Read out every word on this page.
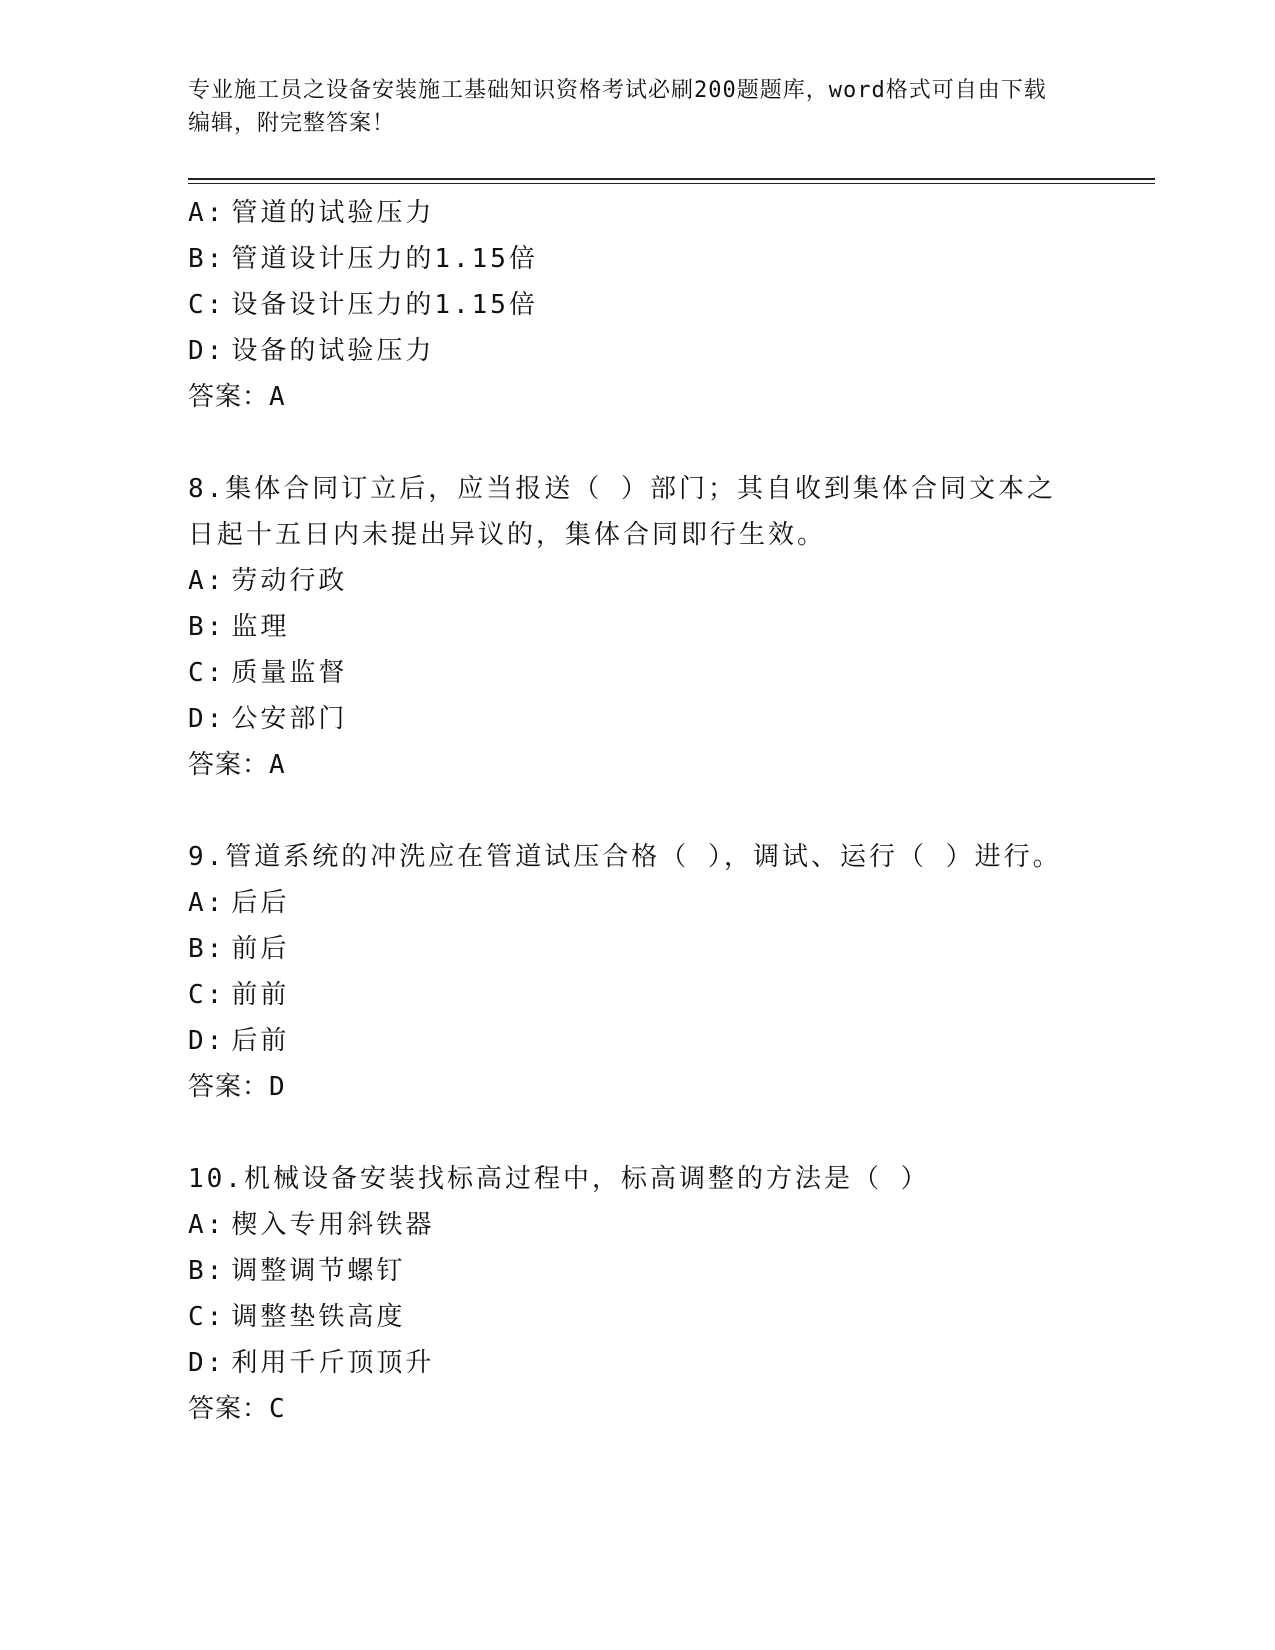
专业施工员之设备安装施工基础知识资格考试必刷200题题库，word格式可自由下载编辑，附完整答案！
A: 管道的试验压力
B: 管道设计压力的1.15倍
C: 设备设计压力的1.15倍
D: 设备的试验压力
答案：A
8.集体合同订立后，应当报送（ ）部门；其自收到集体合同文本之日起十五日内未提出异议的，集体合同即行生效。
A: 劳动行政
B: 监理
C: 质量监督
D: 公安部门
答案：A
9.管道系统的冲洗应在管道试压合格（ ），调试、运行（ ）进行。
A: 后后
B: 前后
C: 前前
D: 后前
答案：D
10.机械设备安装找标高过程中，标高调整的方法是（ ）
A: 楔入专用斜铁器
B: 调整调节螺钉
C: 调整垫铁高度
D: 利用千斤顶顶升
答案：C
